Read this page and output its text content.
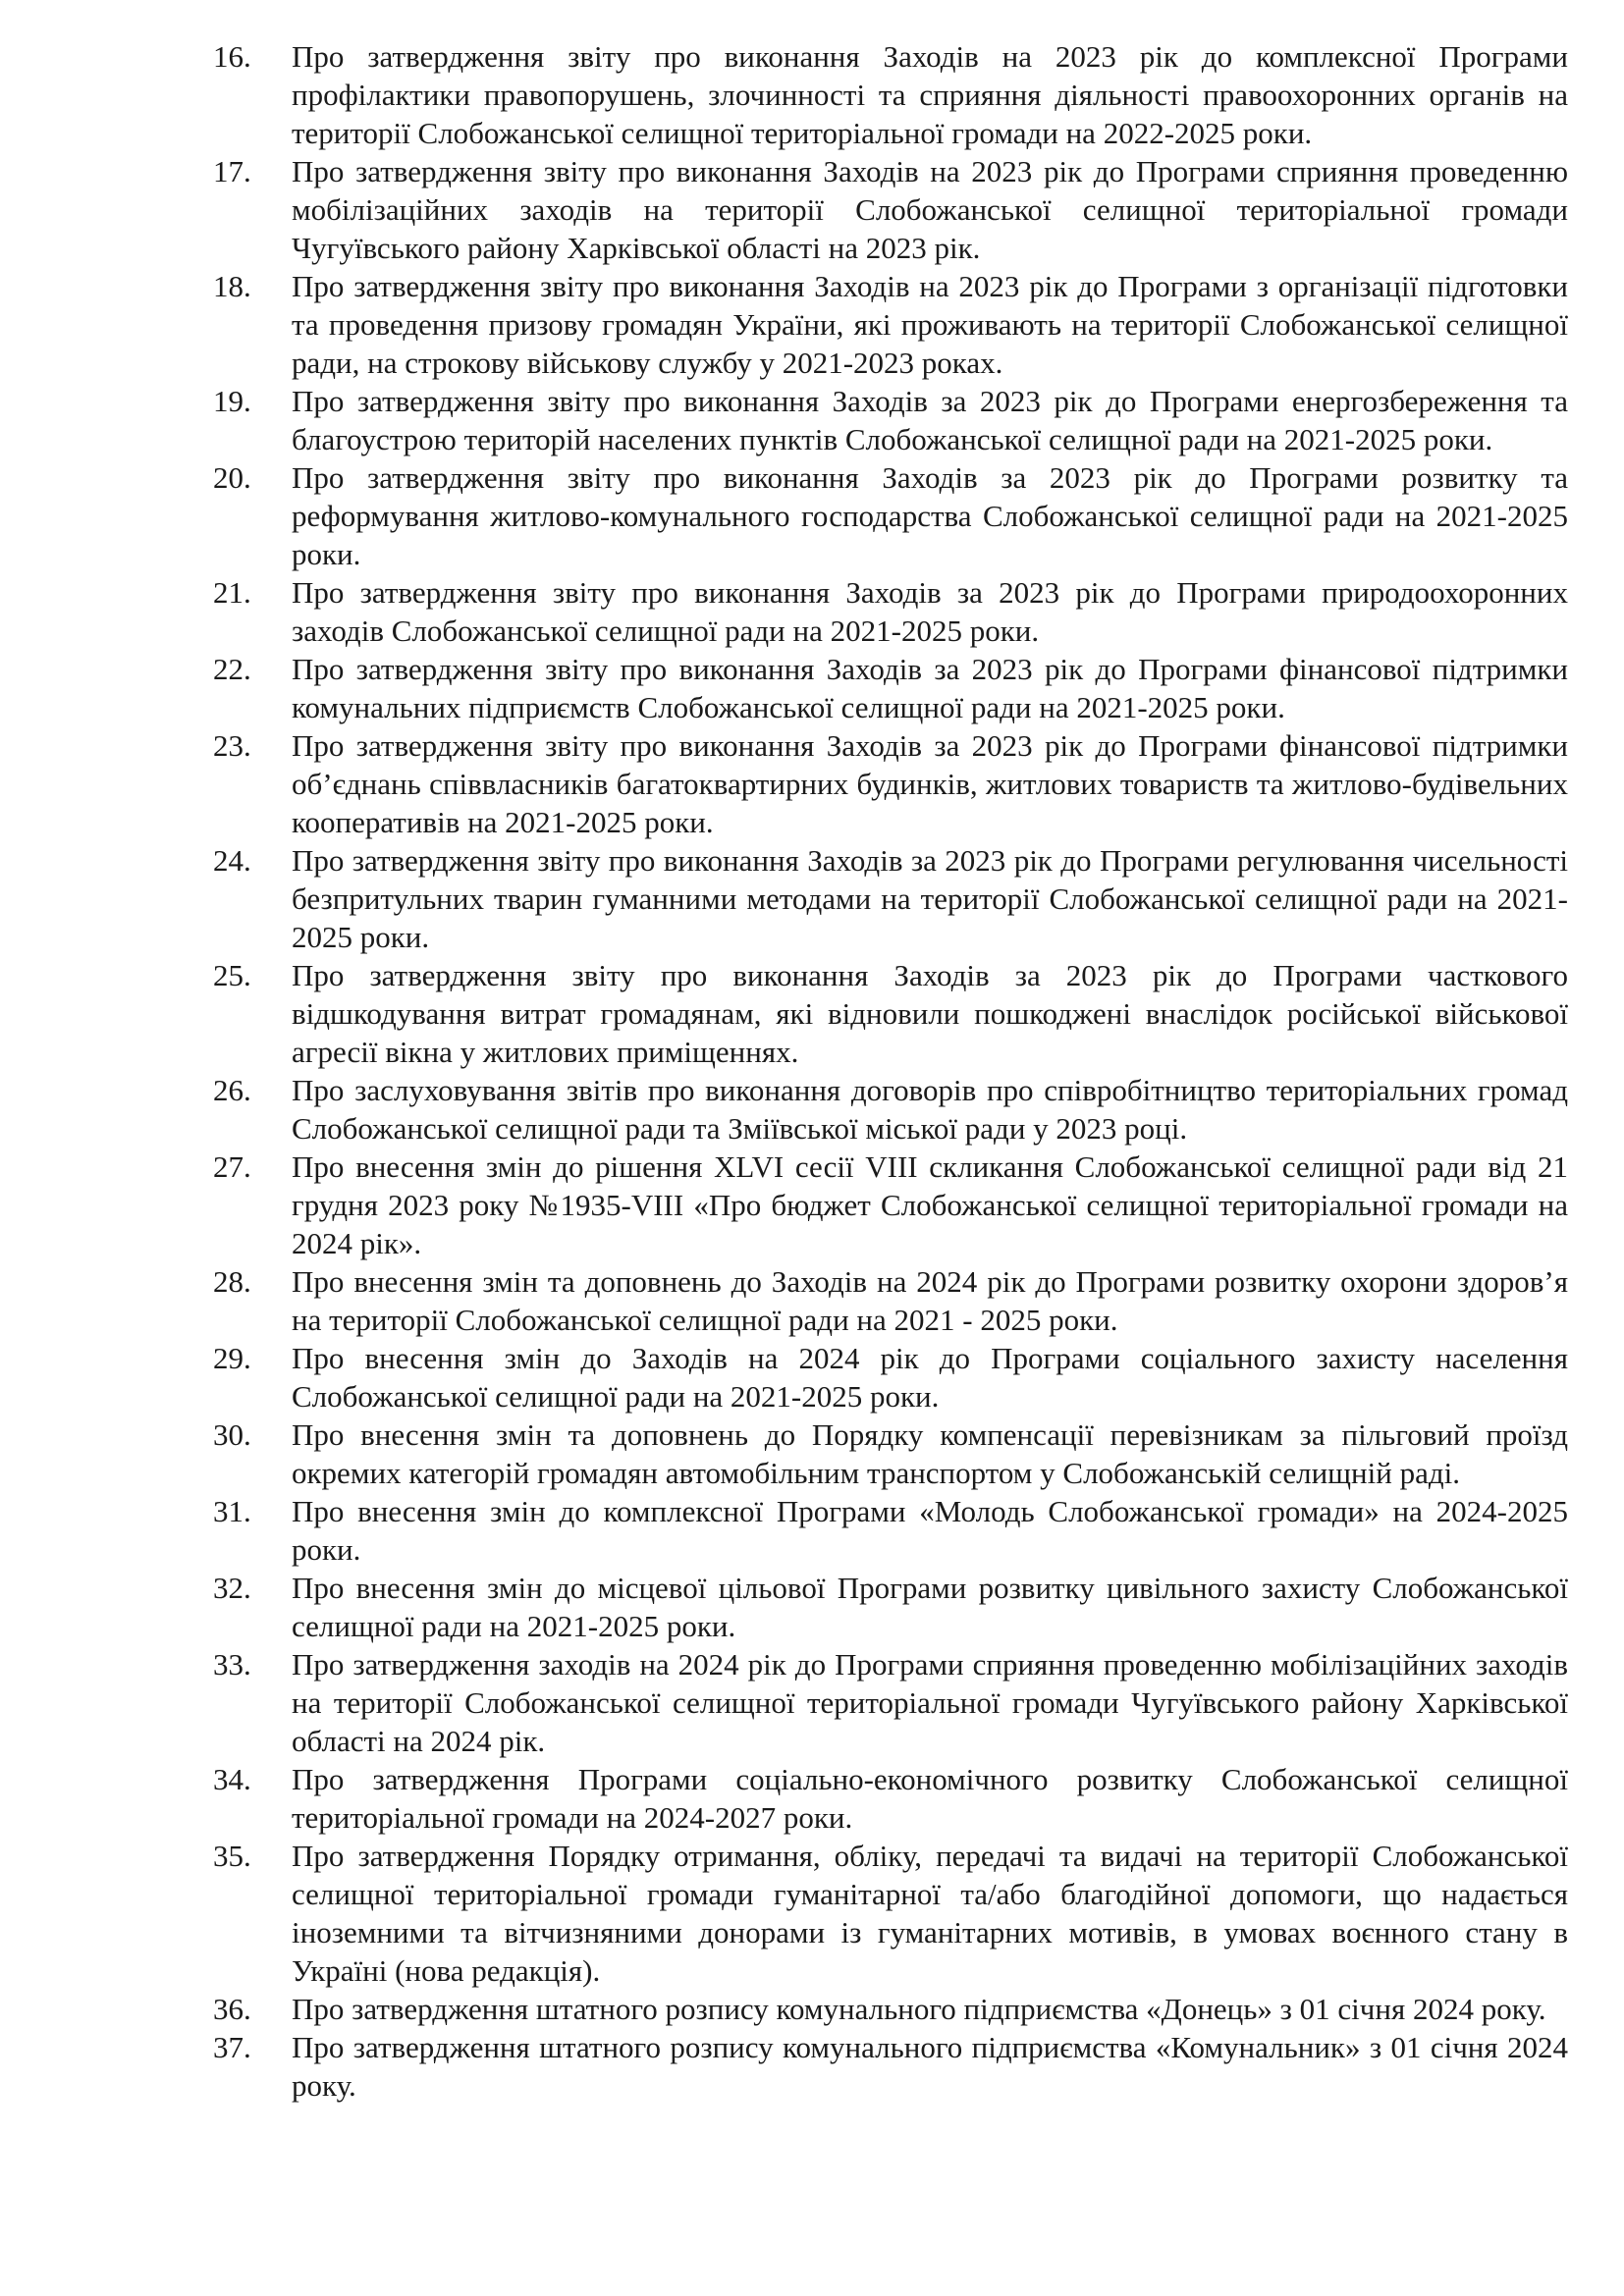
16.	Про затвердження звіту про виконання Заходів на 2023 рік до комплексної Програми профілактики правопорушень, злочинності та сприяння діяльності правоохоронних органів на території Слобожанської селищної територіальної громади на 2022-2025 роки.
17.	Про затвердження звіту про виконання Заходів на 2023 рік до Програми сприяння проведенню мобілізаційних заходів на території Слобожанської селищної територіальної громади Чугуївського району Харківської області на 2023 рік.
18.	Про затвердження звіту про виконання Заходів на 2023 рік до Програми з організації підготовки та проведення призову громадян України, які проживають на території Слобожанської селищної ради, на строкову військову службу у 2021-2023 роках.
19.	Про затвердження звіту про виконання Заходів за 2023 рік до Програми енергозбереження та благоустрою територій населених пунктів Слобожанської селищної ради на 2021-2025 роки.
20.	Про затвердження звіту про виконання Заходів за 2023 рік до Програми розвитку та реформування житлово-комунального господарства Слобожанської селищної ради на 2021-2025 роки.
21.	Про затвердження звіту про виконання Заходів за 2023 рік до Програми природоохоронних заходів Слобожанської селищної ради на 2021-2025 роки.
22.	Про затвердження звіту про виконання Заходів за 2023 рік до Програми фінансової підтримки комунальних підприємств Слобожанської селищної ради на 2021-2025 роки.
23.	Про затвердження звіту про виконання Заходів за 2023 рік до Програми фінансової підтримки об’єднань співвласників багатоквартирних будинків, житлових товариств та житлово-будівельних кооперативів на 2021-2025 роки.
24.	Про затвердження звіту про виконання Заходів за 2023 рік до Програми регулювання чисельності безпритульних тварин гуманними методами на території Слобожанської селищної ради на 2021-2025 роки.
25.	Про затвердження звіту про виконання Заходів за 2023 рік до Програми часткового відшкодування витрат громадянам, які відновили пошкоджені внаслідок російської військової агресії вікна у житлових приміщеннях.
26.	Про заслуховування звітів про виконання договорів про співробітництво територіальних громад Слобожанської селищної ради та Зміївської міської ради у 2023 році.
27.	Про внесення змін до рішення XLVI сесії VIII скликання Слобожанської селищної ради від 21 грудня 2023 року №1935-VIII «Про бюджет Слобожанської селищної територіальної громади на 2024 рік».
28.	Про внесення змін та доповнень до Заходів на 2024 рік до Програми розвитку охорони здоров’я на території Слобожанської селищної ради на 2021 - 2025 роки.
29.	Про внесення змін до Заходів на 2024 рік до Програми соціального захисту населення Слобожанської селищної ради на 2021-2025 роки.
30.	Про внесення змін та доповнень до Порядку компенсації перевізникам за пільговий проїзд окремих категорій громадян автомобільним транспортом у Слобожанській селищній раді.
31.	Про внесення змін до комплексної Програми «Молодь Слобожанської громади» на 2024-2025 роки.
32.	Про внесення змін до місцевої цільової Програми розвитку цивільного захисту Слобожанської селищної ради на 2021-2025 роки.
33.	Про затвердження заходів на 2024 рік до Програми сприяння проведенню мобілізаційних заходів на території Слобожанської селищної територіальної громади Чугуївського району Харківської області на 2024 рік.
34.	Про затвердження Програми соціально-економічного розвитку Слобожанської селищної територіальної громади на 2024-2027 роки.
35.	Про затвердження Порядку отримання, обліку, передачі та видачі на території Слобожанської селищної територіальної громади гуманітарної та/або благодійної допомоги, що надається іноземними та вітчизняними донорами із гуманітарних мотивів, в умовах воєнного стану в Україні (нова редакція).
36.	Про затвердження штатного розпису комунального підприємства «Донець» з 01 січня 2024 року.
37.	Про затвердження штатного розпису комунального підприємства «Комунальник» з 01 січня 2024 року.
